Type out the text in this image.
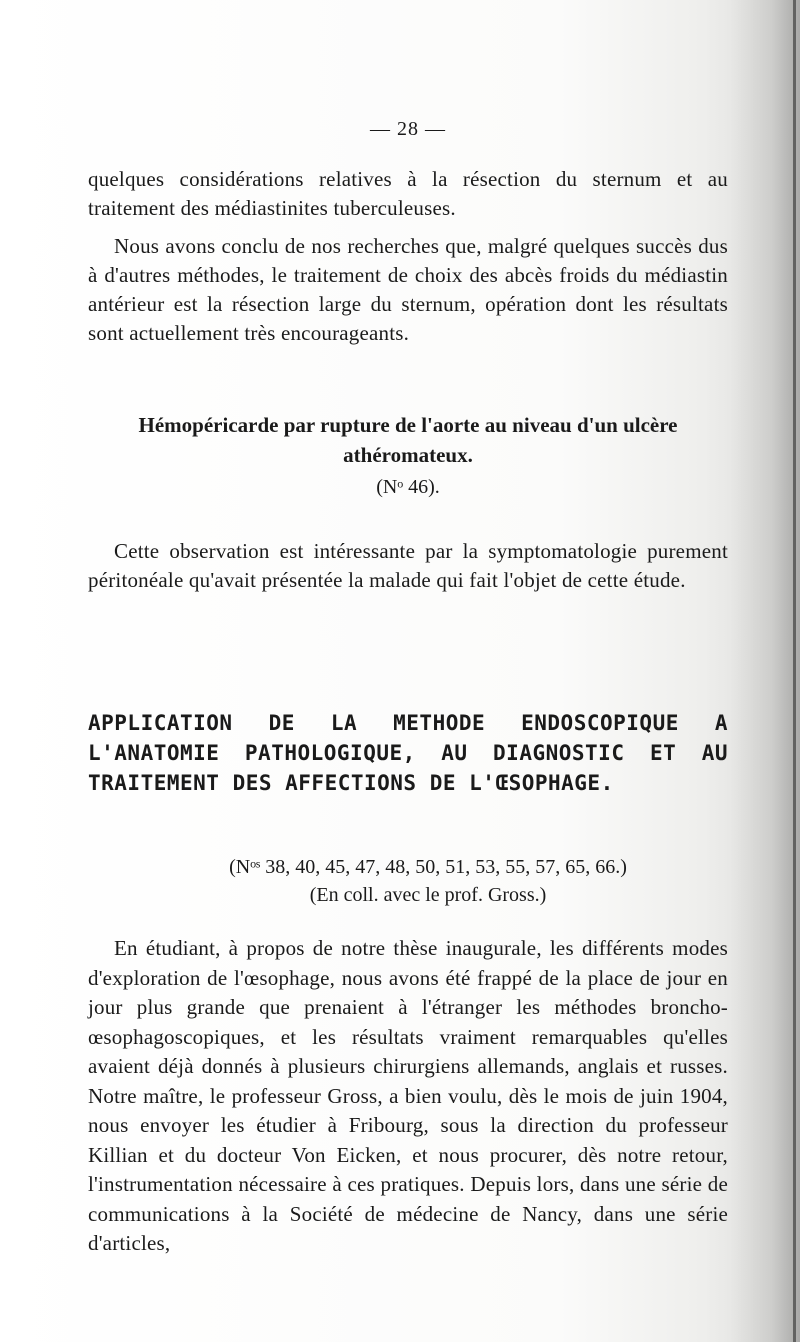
— 28 —

quelques considérations relatives à la résection du sternum et au traitement des médiastinites tuberculeuses.

Nous avons conclu de nos recherches que, malgré quelques succès dus à d'autres méthodes, le traitement de choix des abcès froids du médiastin antérieur est la résection large du sternum, opération dont les résultats sont actuellement très encourageants.

Hémopéricarde par rupture de l'aorte au niveau d'un ulcère
athéromateux.
(Nᵒ 46).

Cette observation est intéressante par la symptomatologie purement péritonéale qu'avait présentée la malade qui fait l'objet de cette étude.

APPLICATION DE LA METHODE ENDOSCOPIQUE A L'ANATOMIE PATHOLOGIQUE, AU DIAGNOSTIC ET AU TRAITEMENT DES AFFECTIONS DE L'ŒSOPHAGE.
(Nᵒˢ 38, 40, 45, 47, 48, 50, 51, 53, 55, 57, 65, 66.)
(En coll. avec le prof. Gross.)

En étudiant, à propos de notre thèse inaugurale, les différents modes d'exploration de l'œsophage, nous avons été frappé de la place de jour en jour plus grande que prenaient à l'étranger les méthodes broncho-œsophagoscopiques, et les résultats vraiment remarquables qu'elles avaient déjà donnés à plusieurs chirurgiens allemands, anglais et russes. Notre maître, le professeur Gross, a bien voulu, dès le mois de juin 1904, nous envoyer les étudier à Fribourg, sous la direction du professeur Killian et du docteur Von Eicken, et nous procurer, dès notre retour, l'instrumentation nécessaire à ces pratiques. Depuis lors, dans une série de communications à la Société de médecine de Nancy, dans une série d'articles,
